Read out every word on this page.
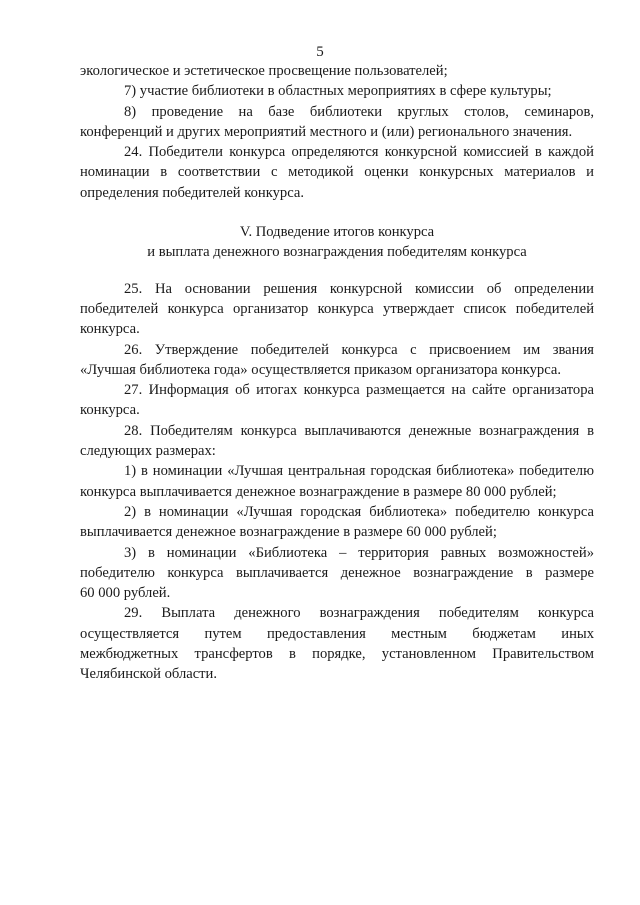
5
экологическое и эстетическое просвещение пользователей;
7) участие библиотеки в областных мероприятиях в сфере культуры;
8) проведение на базе библиотеки круглых столов, семинаров,
конференций и других мероприятий местного и (или) регионального значения.
24. Победители конкурса определяются конкурсной комиссией в каждой
номинации в соответствии с методикой оценки конкурсных материалов и
определения победителей конкурса.
V. Подведение итогов конкурса
и выплата денежного вознаграждения победителям конкурса
25. На основании решения конкурсной комиссии об определении
победителей конкурса организатор конкурса утверждает список победителей
конкурса.
26. Утверждение победителей конкурса с присвоением им звания
«Лучшая библиотека года» осуществляется приказом организатора конкурса.
27. Информация об итогах конкурса размещается на сайте организатора
конкурса.
28. Победителям конкурса выплачиваются денежные вознаграждения в
следующих размерах:
1) в номинации «Лучшая центральная городская библиотека» победителю
конкурса выплачивается денежное вознаграждение в размере 80 000 рублей;
2) в номинации «Лучшая городская библиотека» победителю конкурса
выплачивается денежное вознаграждение в размере 60 000 рублей;
3) в номинации «Библиотека – территория равных возможностей»
победителю конкурса выплачивается денежное вознаграждение в размере
60 000 рублей.
29. Выплата денежного вознаграждения победителям конкурса
осуществляется путем предоставления местным бюджетам иных
межбюджетных трансфертов в порядке, установленном Правительством
Челябинской области.
